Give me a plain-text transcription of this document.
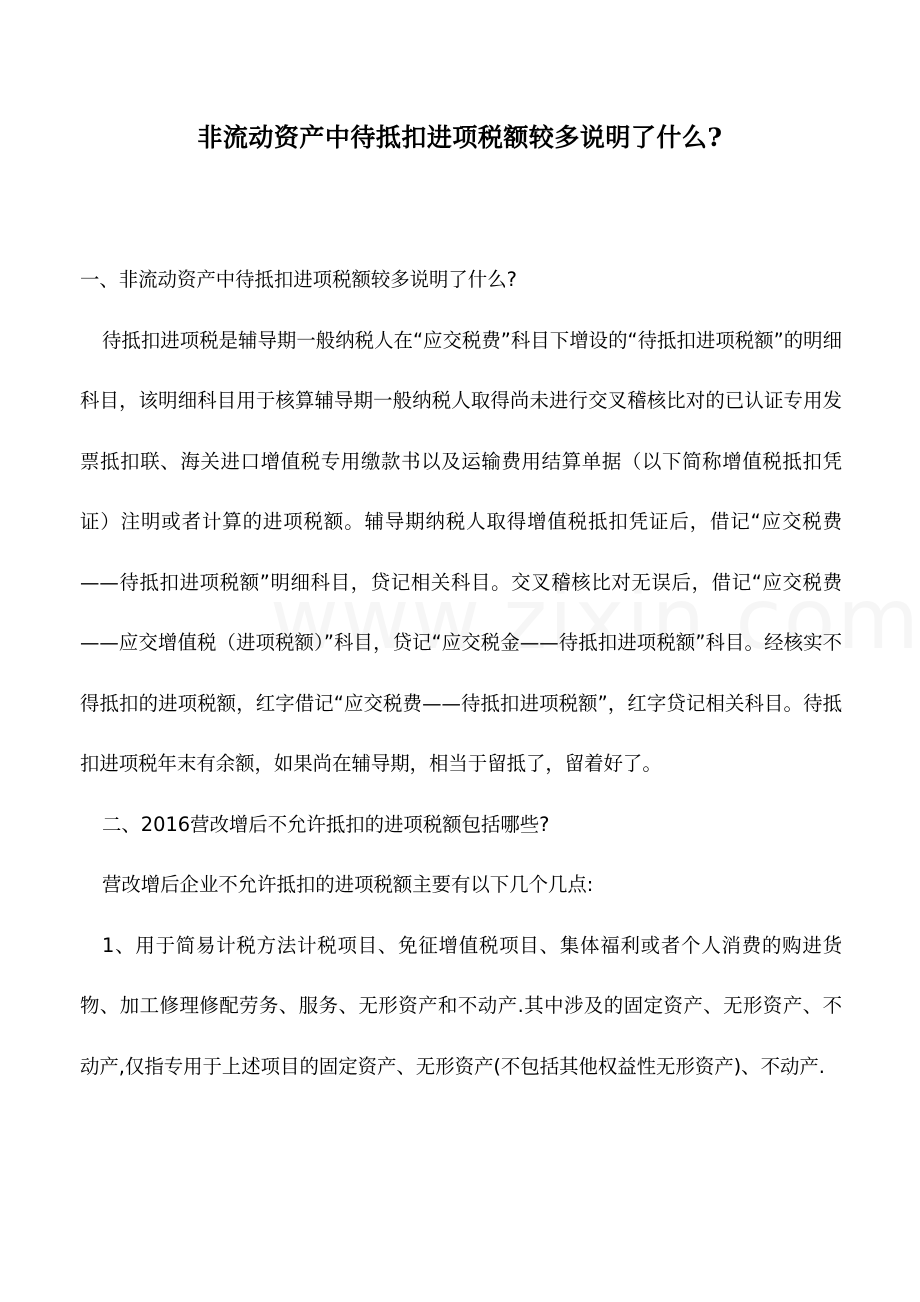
非流动资产中待抵扣进项税额较多说明了什么?

一、非流动资产中待抵扣进项税额较多说明了什么?

待抵扣进项税是辅导期一般纳税人在“应交税费”科目下增设的“待抵扣进项税额”的明细科目，该明细科目用于核算辅导期一般纳税人取得尚未进行交叉稽核比对的已认证专用发票抵扣联、海关进口增值税专用缴款书以及运输费用结算单据（以下简称增值税抵扣凭证）注明或者计算的进项税额。辅导期纳税人取得增值税抵扣凭证后，借记“应交税费——待抵扣进项税额”明细科目，贷记相关科目。交叉稽核比对无误后，借记“应交税费——应交增值税（进项税额）”科目，贷记“应交税金——待抵扣进项税额”科目。经核实不得抵扣的进项税额，红字借记“应交税费——待抵扣进项税额”，红字贷记相关科目。待抵扣进项税年末有余额，如果尚在辅导期，相当于留抵了，留着好了。

二、2016营改增后不允许抵扣的进项税额包括哪些?

营改增后企业不允许抵扣的进项税额主要有以下几个几点:

1、用于简易计税方法计税项目、免征增值税项目、集体福利或者个人消费的购进货物、加工修理修配劳务、服务、无形资产和不动产.其中涉及的固定资产、无形资产、不动产,仅指专用于上述项目的固定资产、无形资产(不包括其他权益性无形资产)、不动产.
